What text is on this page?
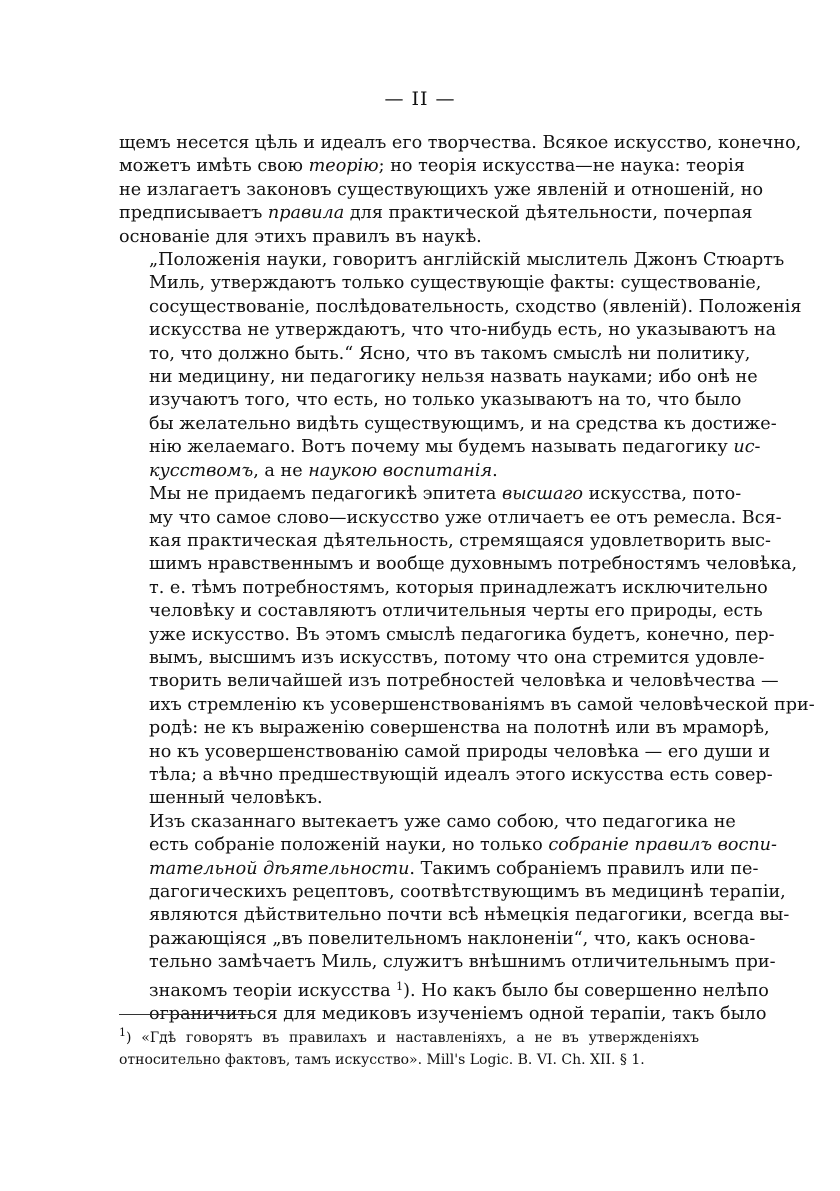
— II —

щемъ несется цѣль и идеалъ его творчества. Всякое искусство, конечно,
можетъ имѣть свою теорiю; но теорiя искусства—не наука: теорiя
не излагаетъ законовъ существующихъ уже явленiй и отношенiй, но
предписываетъ правила для практической дѣятельности, почерпая
основанiе для этихъ правилъ въ наукѣ.

„Положенiя науки, говоритъ англiйскiй мыслитель Джонъ Стюартъ
Миль, утверждаютъ только существующiе факты: существованiе,
сосуществованiе, послѣдовательность, сходство (явленiй). Положенiя
искусства не утверждаютъ, что что-нибудь есть, но указываютъ на
то, что должно быть.“ Ясно, что въ такомъ смыслѣ ни политику,
ни медицину, ни педагогику нельзя назвать науками; ибо онѣ не
изучаютъ того, что есть, но только указываютъ на то, что было
бы желательно видѣть существующимъ, и на средства къ достиже-
нiю желаемаго. Вотъ почему мы будемъ называть педагогику ис-
кусствомъ, а не наукою воспитанiя.

Мы не придаемъ педагогикѣ эпитета высшаго искусства, пото-
му что самое слово—искусство уже отличаетъ ее отъ ремесла. Вся-
кая практическая дѣятельность, стремящаяся удовлетворить выс-
шимъ нравственнымъ и вообще духовнымъ потребностямъ человѣка,
т. е. тѣмъ потребностямъ, которыя принадлежатъ исключительно
человѣку и составляютъ отличительныя черты его природы, есть
уже искусство. Въ этомъ смыслѣ педагогика будетъ, конечно, пер-
вымъ, высшимъ изъ искусствъ, потому что она стремится удовле-
творить величайшей изъ потребностей человѣка и человѣчества —
ихъ стремленiю къ усовершенствованiямъ въ самой человѣческой при-
родѣ: не къ выраженiю совершенства на полотнѣ или въ мраморѣ,
но къ усовершенствованiю самой природы человѣка — его души и
тѣла; а вѣчно предшествующiй идеалъ этого искусства есть совер-
шенный человѣкъ.

Изъ сказаннаго вытекаетъ уже само собою, что педагогика не
есть собранiе положенiй науки, но только собранiе правилъ воспи-
тательной дѣятельности. Такимъ собранiемъ правилъ или пе-
дагогическихъ рецептовъ, соотвѣтствующимъ въ медицинѣ терапiи,
являются дѣйствительно почти всѣ нѣмецкiя педагогики, всегда вы-
ражающiяся „въ повелительномъ наклоненiи“, что, какъ основа-
тельно замѣчаетъ Миль, служитъ внѣшнимъ отличительнымъ при-
знакомъ теорiи искусства $^1$). Но какъ было бы совершенно нелѣпо
ограничиться для медиковъ изученiемъ одной терапiи, такъ было

$^1$) «Гдѣ говорятъ въ правилахъ и наставленiяхъ, а не въ утвержденiяхъ
относительно фактовъ, тамъ искусство». Mill's Logic. B. VI. Ch. XII. § 1.
